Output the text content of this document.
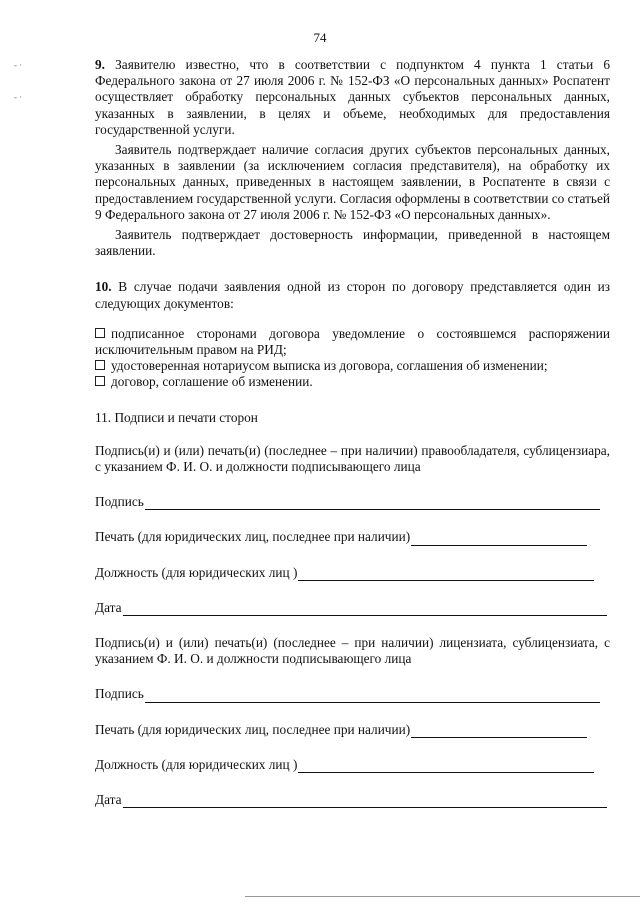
- ·
- ·
74

9. Заявителю известно, что в соответствии с подпунктом 4 пункта 1 статьи 6 Федерального закона от 27 июля 2006 г. № 152-ФЗ «О персональных данных» Роспатент осуществляет обработку персональных данных субъектов персональных данных, указанных в заявлении, в целях и объеме, необходимых для предоставления государственной услуги.

Заявитель подтверждает наличие согласия других субъектов персональных данных, указанных в заявлении (за исключением согласия представителя), на обработку их персональных данных, приведенных в настоящем заявлении, в Роспатенте в связи с предоставлением государственной услуги. Согласия оформлены в соответствии со статьей 9 Федерального закона от 27 июля 2006 г. № 152-ФЗ «О персональных данных».

Заявитель подтверждает достоверность информации, приведенной в настоящем заявлении.

10. В случае подачи заявления одной из сторон по договору представляется один из следующих документов:

подписанное сторонами договора уведомление о состоявшемся распоряжении исключительным правом на РИД;

удостоверенная нотариусом выписка из договора, соглашения об изменении;

договор, соглашение об изменении.

11. Подписи и печати сторон

Подпись(и) и (или) печать(и) (последнее – при наличии) правообладателя, сублицензиара, с указанием Ф. И. О. и должности подписывающего лица

Подпись
Печать (для юридических лиц, последнее при наличии)
Должность (для юридических лиц )
Дата

Подпись(и) и (или) печать(и) (последнее – при наличии) лицензиата, сублицензиата, с указанием Ф. И. О. и должности подписывающего лица

Подпись
Печать (для юридических лиц, последнее при наличии)
Должность (для юридических лиц )
Дата
